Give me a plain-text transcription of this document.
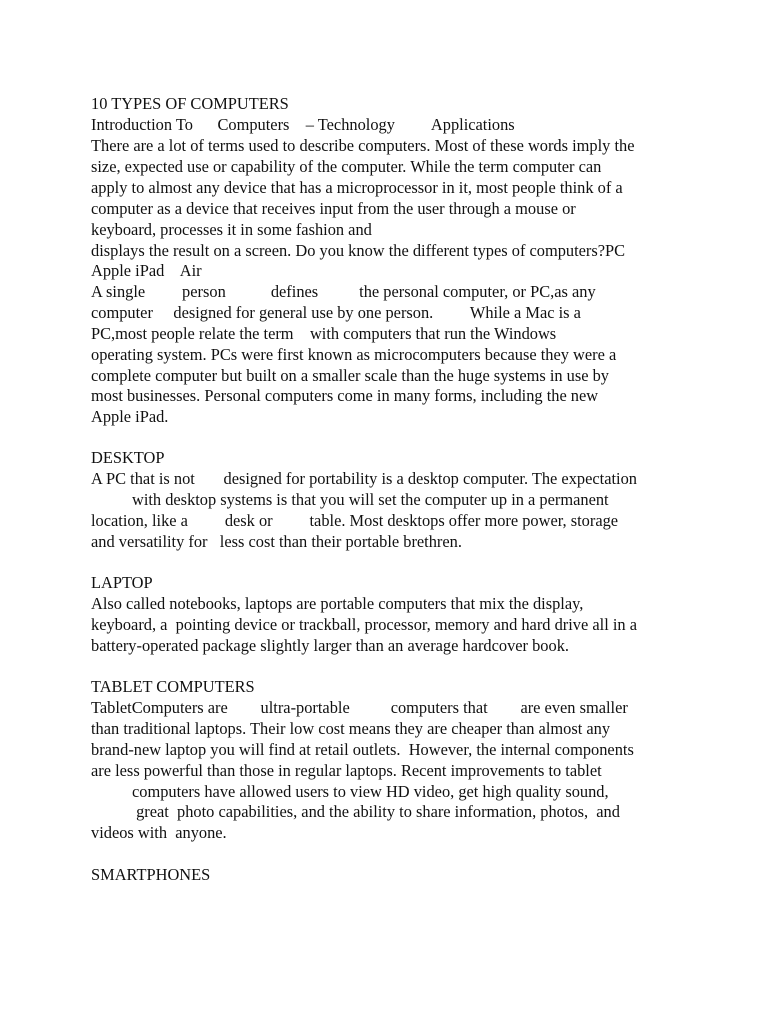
10 TYPES OF COMPUTERS

Introduction To      Computers    – Technology         Applications

There are a lot of terms used to describe computers. Most of these words imply the

size, expected use or capability of the computer. While the term computer can

apply to almost any device that has a microprocessor in it, most people think of a

computer as a device that receives input from the user through a mouse or

keyboard, processes it in some fashion and

displays the result on a screen. Do you know the different types of computers?PC

Apple iPad    Air

A single         person           defines          the personal computer, or PC,as any

computer     designed for general use by one person.         While a Mac is a

PC,most people relate the term    with computers that run the Windows

operating system. PCs were first known as microcomputers because they were a

complete computer but built on a smaller scale than the huge systems in use by

most businesses. Personal computers come in many forms, including the new

Apple iPad.

DESKTOP

A PC that is not       designed for portability is a desktop computer. The expectation

with desktop systems is that you will set the computer up in a permanent

location, like a         desk or         table. Most desktops offer more power, storage

and versatility for   less cost than their portable brethren.

LAPTOP

Also called notebooks, laptops are portable computers that mix the display,

keyboard, a  pointing device or trackball, processor, memory and hard drive all in a

battery-operated package slightly larger than an average hardcover book.

TABLET COMPUTERS

TabletComputers are        ultra-portable          computers that        are even smaller

than traditional laptops. Their low cost means they are cheaper than almost any

brand-new laptop you will find at retail outlets.  However, the internal components

are less powerful than those in regular laptops. Recent improvements to tablet

computers have allowed users to view HD video, get high quality sound,

great  photo capabilities, and the ability to share information, photos,  and

videos with  anyone.

SMARTPHONES
